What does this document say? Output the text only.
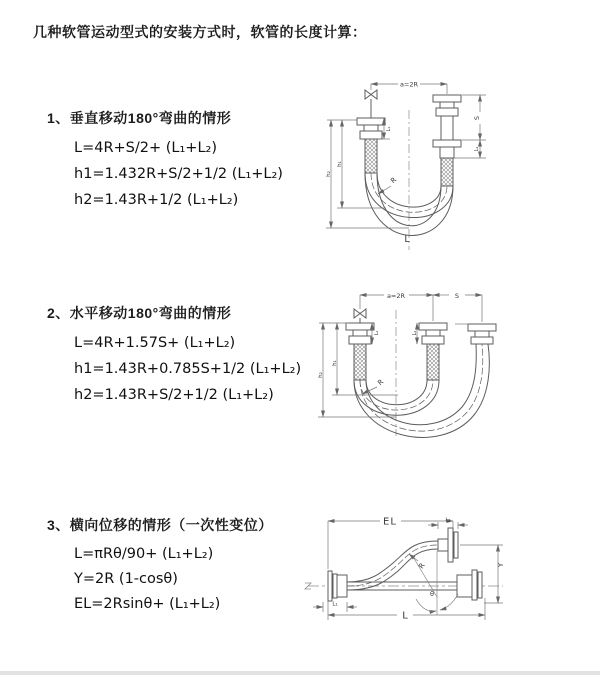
几种软管运动型式的安装方式时，软管的长度计算：
1、垂直移动180°弯曲的情形
L=4R+S/2+ (L₁+L₂)
h1=1.432R+S/2+1/2 (L₁+L₂)
h2=1.43R+1/2 (L₁+L₂)
2、水平移动180°弯曲的情形
L=4R+1.57S+ (L₁+L₂)
h1=1.43R+0.785S+1/2 (L₁+L₂)
h2=1.43R+S/2+1/2 (L₁+L₂)
3、横向位移的情形（一次性变位）
L=πRθ/90+ (L₁+L₂)
Y=2R (1-cosθ)
EL=2Rsinθ+ (L₁+L₂)
a=2R
S
L₂
L₁
h₁
h₂
R
L
a=2R	S
h₁
h₂
L₁	L₂
R
EL	L₂
Y
R
θ
L
L₁
